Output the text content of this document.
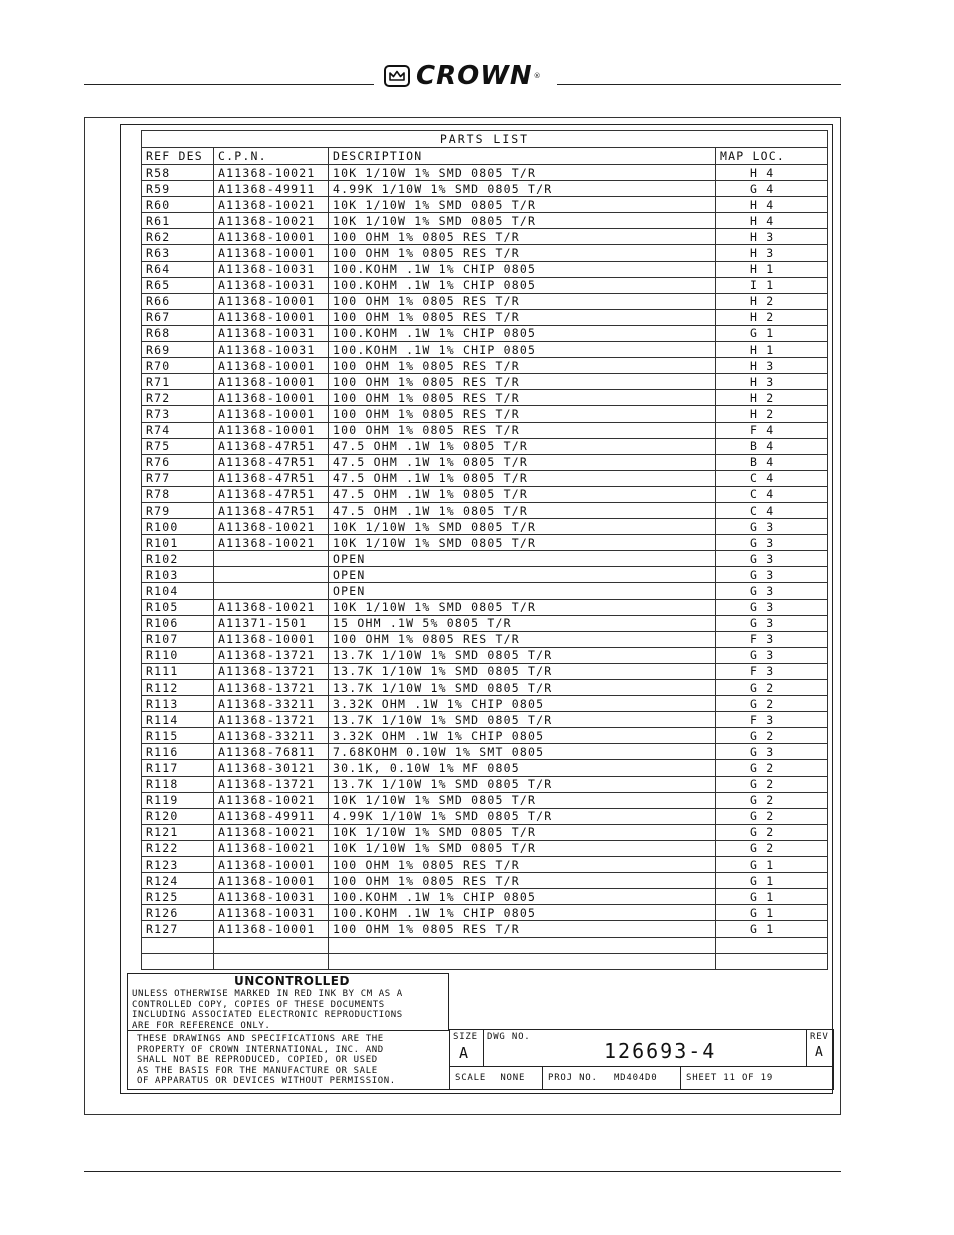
CROWN ®
PARTS LIST			
REF DES	C.P.N.	DESCRIPTION	MAP LOC.
R58	A11368-10021	10K 1/10W 1% SMD 0805 T/R	H 4
R59	A11368-49911	4.99K 1/10W 1% SMD 0805 T/R	G 4
R60	A11368-10021	10K 1/10W 1% SMD 0805 T/R	H 4
R61	A11368-10021	10K 1/10W 1% SMD 0805 T/R	H 4
R62	A11368-10001	100 OHM 1% 0805 RES T/R	H 3
R63	A11368-10001	100 OHM 1% 0805 RES T/R	H 3
R64	A11368-10031	100.KOHM .1W 1% CHIP 0805	H 1
R65	A11368-10031	100.KOHM .1W 1% CHIP 0805	I 1
R66	A11368-10001	100 OHM 1% 0805 RES T/R	H 2
R67	A11368-10001	100 OHM 1% 0805 RES T/R	H 2
R68	A11368-10031	100.KOHM .1W 1% CHIP 0805	G 1
R69	A11368-10031	100.KOHM .1W 1% CHIP 0805	H 1
R70	A11368-10001	100 OHM 1% 0805 RES T/R	H 3
R71	A11368-10001	100 OHM 1% 0805 RES T/R	H 3
R72	A11368-10001	100 OHM 1% 0805 RES T/R	H 2
R73	A11368-10001	100 OHM 1% 0805 RES T/R	H 2
R74	A11368-10001	100 OHM 1% 0805 RES T/R	F 4
R75	A11368-47R51	47.5 OHM .1W 1% 0805 T/R	B 4
R76	A11368-47R51	47.5 OHM .1W 1% 0805 T/R	B 4
R77	A11368-47R51	47.5 OHM .1W 1% 0805 T/R	C 4
R78	A11368-47R51	47.5 OHM .1W 1% 0805 T/R	C 4
R79	A11368-47R51	47.5 OHM .1W 1% 0805 T/R	C 4
R100	A11368-10021	10K 1/10W 1% SMD 0805 T/R	G 3
R101	A11368-10021	10K 1/10W 1% SMD 0805 T/R	G 3
R102		OPEN	G 3
R103		OPEN	G 3
R104		OPEN	G 3
R105	A11368-10021	10K 1/10W 1% SMD 0805 T/R	G 3
R106	A11371-1501	15 OHM .1W 5% 0805 T/R	G 3
R107	A11368-10001	100 OHM 1% 0805 RES T/R	F 3
R110	A11368-13721	13.7K 1/10W 1% SMD 0805 T/R	G 3
R111	A11368-13721	13.7K 1/10W 1% SMD 0805 T/R	F 3
R112	A11368-13721	13.7K 1/10W 1% SMD 0805 T/R	G 2
R113	A11368-33211	3.32K OHM .1W 1% CHIP 0805	G 2
R114	A11368-13721	13.7K 1/10W 1% SMD 0805 T/R	F 3
R115	A11368-33211	3.32K OHM .1W 1% CHIP 0805	G 2
R116	A11368-76811	7.68KOHM 0.10W 1% SMT 0805	G 3
R117	A11368-30121	30.1K, 0.10W 1% MF 0805	G 2
R118	A11368-13721	13.7K 1/10W 1% SMD 0805 T/R	G 2
R119	A11368-10021	10K 1/10W 1% SMD 0805 T/R	G 2
R120	A11368-49911	4.99K 1/10W 1% SMD 0805 T/R	G 2
R121	A11368-10021	10K 1/10W 1% SMD 0805 T/R	G 2
R122	A11368-10021	10K 1/10W 1% SMD 0805 T/R	G 2
R123	A11368-10001	100 OHM 1% 0805 RES T/R	G 1
R124	A11368-10001	100 OHM 1% 0805 RES T/R	G 1
R125	A11368-10031	100.KOHM .1W 1% CHIP 0805	G 1
R126	A11368-10031	100.KOHM .1W 1% CHIP 0805	G 1
R127	A11368-10001	100 OHM 1% 0805 RES T/R	G 1

UNCONTROLLED
UNLESS OTHERWISE MARKED IN RED INK BY CM AS A
CONTROLLED COPY, COPIES OF THESE DOCUMENTS
INCLUDING ASSOCIATED ELECTRONIC REPRODUCTIONS
ARE FOR REFERENCE ONLY.
THESE DRAWINGS AND SPECIFICATIONS ARE THE
PROPERTY OF CROWN INTERNATIONAL, INC. AND
SHALL NOT BE REPRODUCED, COPIED, OR USED
AS THE BASIS FOR THE MANUFACTURE OR SALE
OF APPARATUS OR DEVICES WITHOUT PERMISSION.
SIZE
A
DWG NO.
126693-4
REV
A
SCALE NONE	PROJ NO. MD404D0	SHEET 11 OF 19
